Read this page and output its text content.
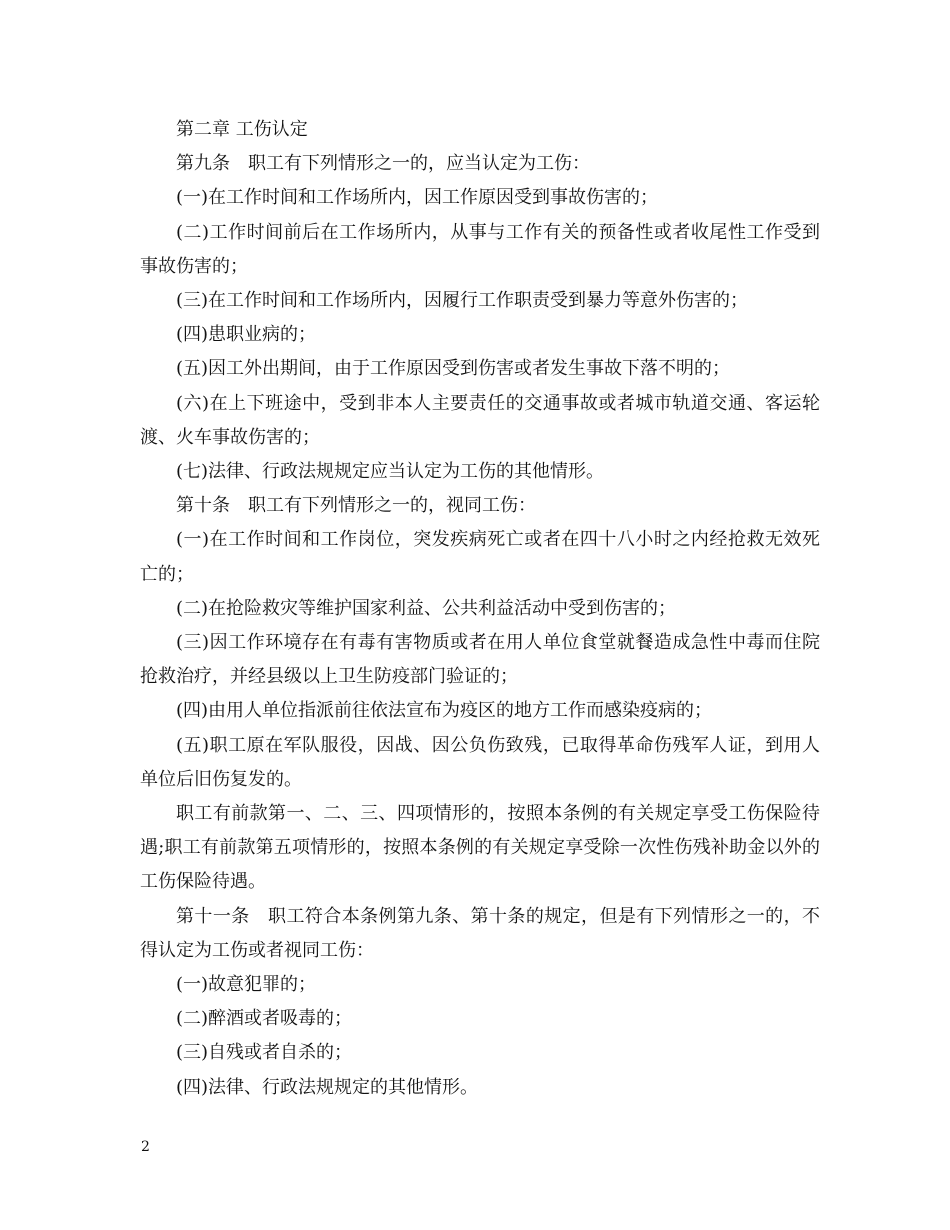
第二章 工伤认定

第九条　职工有下列情形之一的，应当认定为工伤：

(一)在工作时间和工作场所内，因工作原因受到事故伤害的；

(二)工作时间前后在工作场所内，从事与工作有关的预备性或者收尾性工作受到事故伤害的；

(三)在工作时间和工作场所内，因履行工作职责受到暴力等意外伤害的；

(四)患职业病的；

(五)因工外出期间，由于工作原因受到伤害或者发生事故下落不明的；

(六)在上下班途中，受到非本人主要责任的交通事故或者城市轨道交通、客运轮渡、火车事故伤害的；

(七)法律、行政法规规定应当认定为工伤的其他情形。

第十条　职工有下列情形之一的，视同工伤：

(一)在工作时间和工作岗位，突发疾病死亡或者在四十八小时之内经抢救无效死亡的；

(二)在抢险救灾等维护国家利益、公共利益活动中受到伤害的；

(三)因工作环境存在有毒有害物质或者在用人单位食堂就餐造成急性中毒而住院抢救治疗，并经县级以上卫生防疫部门验证的；

(四)由用人单位指派前往依法宣布为疫区的地方工作而感染疫病的；

(五)职工原在军队服役，因战、因公负伤致残，已取得革命伤残军人证，到用人单位后旧伤复发的。

职工有前款第一、二、三、四项情形的，按照本条例的有关规定享受工伤保险待遇;职工有前款第五项情形的，按照本条例的有关规定享受除一次性伤残补助金以外的工伤保险待遇。

第十一条　职工符合本条例第九条、第十条的规定，但是有下列情形之一的，不得认定为工伤或者视同工伤：

(一)故意犯罪的；

(二)醉酒或者吸毒的；

(三)自残或者自杀的；

(四)法律、行政法规规定的其他情形。

2
